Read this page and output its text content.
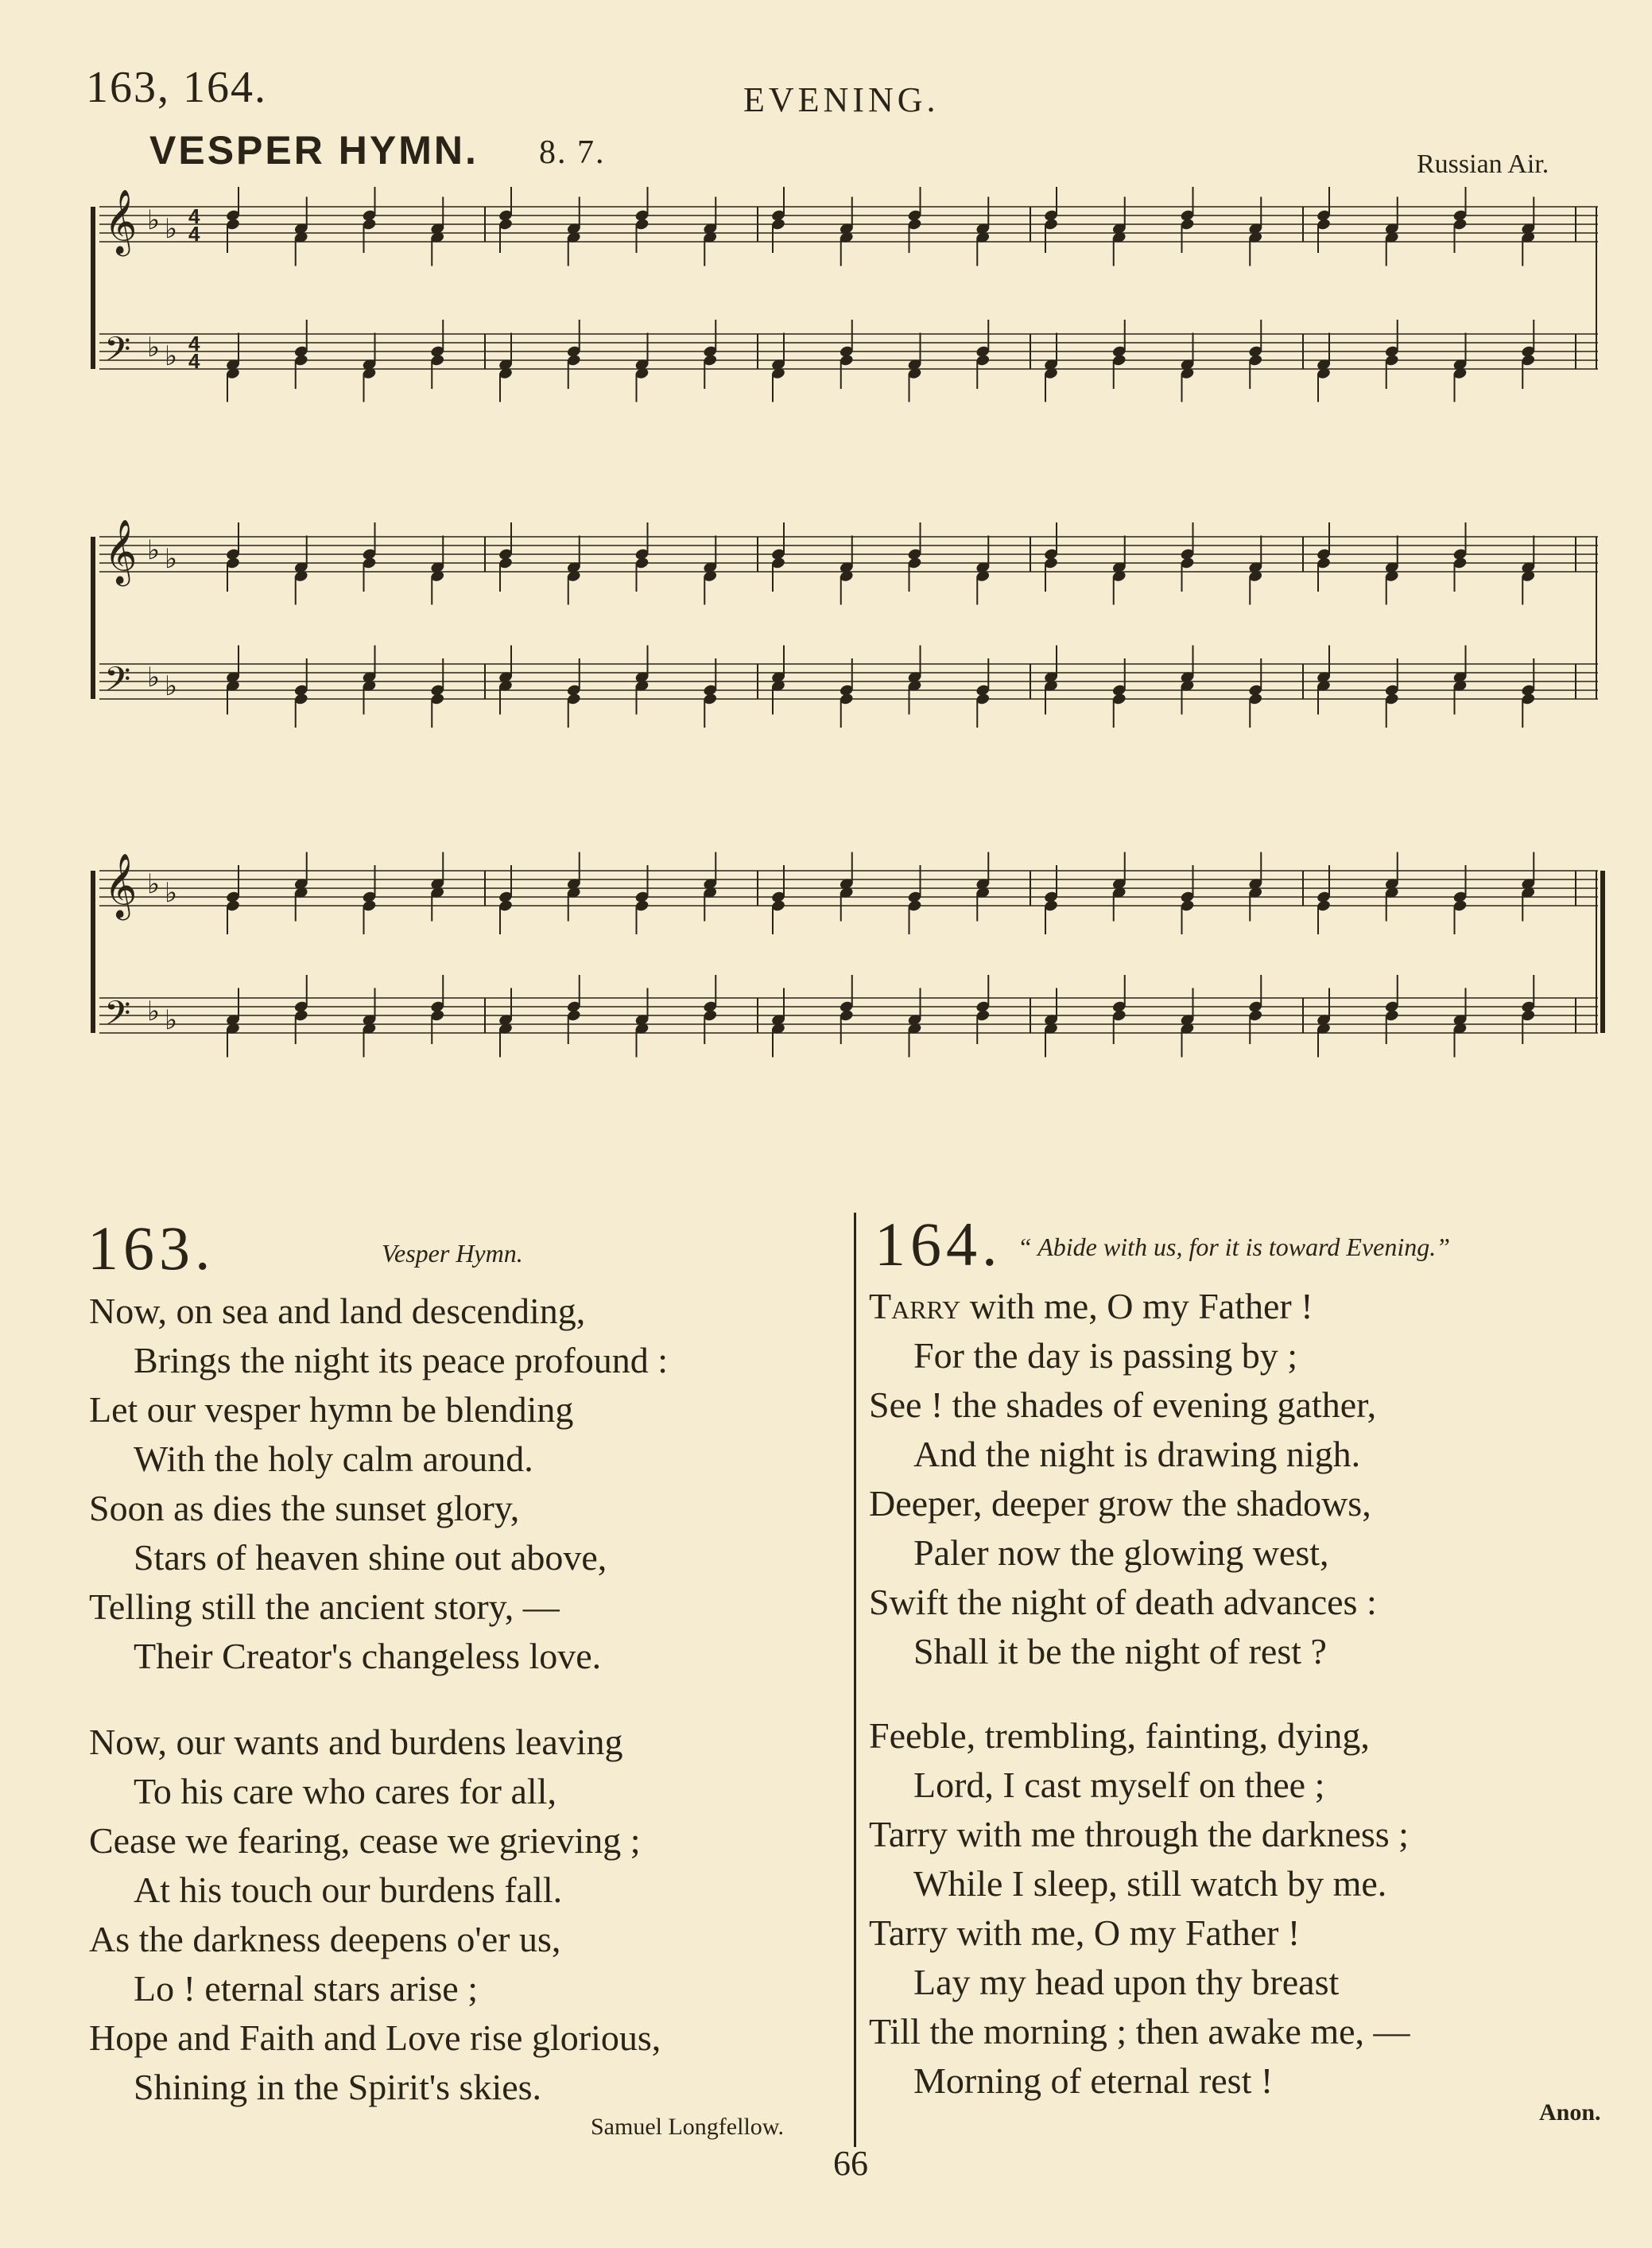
163, 164.	EVENING.
VESPER HYMN. 8. 7.	Russian Air.
𝄞 ♭ ♭ 4
4
𝄢 ♭ ♭ 4
4
𝄞 ♭ ♭
𝄢 ♭ ♭
𝄞 ♭ ♭
𝄢 ♭ ♭
163.	Vesper Hymn.
Now, on sea and land descending,
Brings the night its peace profound :
Let our vesper hymn be blending
With the holy calm around.
Soon as dies the sunset glory,
Stars of heaven shine out above,
Telling still the ancient story, —
Their Creator's changeless love.
Now, our wants and burdens leaving
To his care who cares for all,
Cease we fearing, cease we grieving ;
At his touch our burdens fall.
As the darkness deepens o'er us,
Lo ! eternal stars arise ;
Hope and Faith and Love rise glorious,
Shining in the Spirit's skies.
Samuel Longfellow.
164. “ Abide with us, for it is toward Evening.”
Tarry with me, O my Father !
For the day is passing by ;
See ! the shades of evening gather,
And the night is drawing nigh.
Deeper, deeper grow the shadows,
Paler now the glowing west,
Swift the night of death advances :
Shall it be the night of rest ?
Feeble, trembling, fainting, dying,
Lord, I cast myself on thee ;
Tarry with me through the darkness ;
While I sleep, still watch by me.
Tarry with me, O my Father !
Lay my head upon thy breast
Till the morning ; then awake me, —
Morning of eternal rest !
Anon.
66
